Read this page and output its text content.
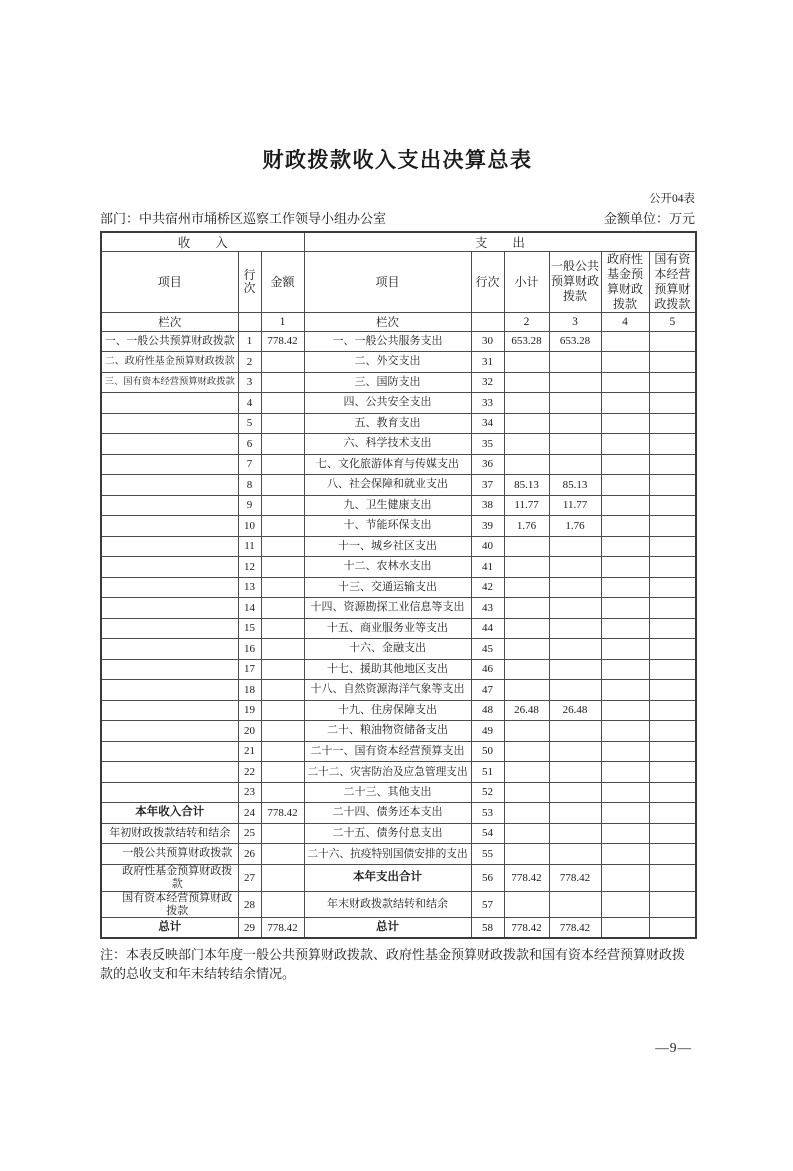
财政拨款收入支出决算总表
公开04表
部门：中共宿州市埇桥区巡察工作领导小组办公室	金额单位：万元
收　　入			支　　出					
项目	行次	金额	项目	行次	小计	一般公共预算财政拨款	政府性基金预算财政拨款	国有资本经营预算财政拨款
栏次		1	栏次		2	3	4	5
一、一般公共预算财政拨款	1	778.42	一、一般公共服务支出	30	653.28	653.28		
二、政府性基金预算财政拨款	2		二、外交支出	31				
三、国有资本经营预算财政拨款	3		三、国防支出	32				
	4		四、公共安全支出	33				
	5		五、教育支出	34				
	6		六、科学技术支出	35				
	7		七、文化旅游体育与传媒支出	36				
	8		八、社会保障和就业支出	37	85.13	85.13		
	9		九、卫生健康支出	38	11.77	11.77		
	10		十、节能环保支出	39	1.76	1.76		
	11		十一、城乡社区支出	40				
	12		十二、农林水支出	41				
	13		十三、交通运输支出	42				
	14		十四、资源勘探工业信息等支出	43				
	15		十五、商业服务业等支出	44				
	16		十六、金融支出	45				
	17		十七、援助其他地区支出	46				
	18		十八、自然资源海洋气象等支出	47				
	19		十九、住房保障支出	48	26.48	26.48		
	20		二十、粮油物资储备支出	49				
	21		二十一、国有资本经营预算支出	50				
	22		二十二、灾害防治及应急管理支出	51				
	23		二十三、其他支出	52				
本年收入合计	24	778.42	二十四、债务还本支出	53				
年初财政拨款结转和结余	25		二十五、债务付息支出	54				
一般公共预算财政拨款	26		二十六、抗疫特别国债安排的支出	55				
政府性基金预算财政拨款	27		本年支出合计	56	778.42	778.42		
国有资本经营预算财政拨款	28		年末财政拨款结转和结余	57				
总计	29	778.42	总计	58	778.42	778.42		

注：本表反映部门本年度一般公共预算财政拨款、政府性基金预算财政拨款和国有资本经营预算财政拨款的总收支和年末结转结余情况。

—9—
